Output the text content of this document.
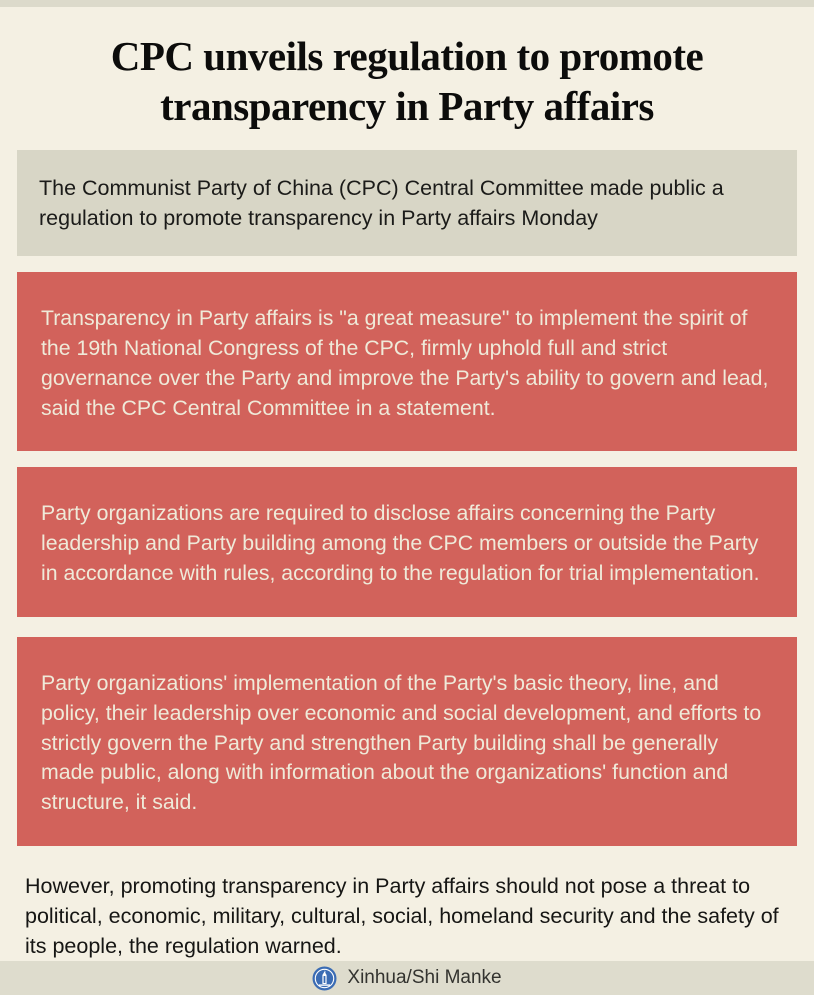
CPC unveils regulation to promote transparency in Party affairs
The Communist Party of China (CPC) Central Committee made public a regulation to promote transparency in Party affairs Monday
Transparency in Party affairs is "a great measure" to implement the spirit of the 19th National Congress of the CPC, firmly uphold full and strict governance over the Party and improve the Party's ability to govern and lead, said the CPC Central Committee in a statement.
Party organizations are required to disclose affairs concerning the Party leadership and Party building among the CPC members or outside the Party in accordance with rules, according to the regulation for trial implementation.
Party organizations' implementation of the Party's basic theory, line, and policy, their leadership over economic and social development, and efforts to strictly govern the Party and strengthen Party building shall be generally made public, along with information about the organizations' function and structure, it said.
However, promoting transparency in Party affairs should not pose a threat to political, economic, military, cultural, social, homeland security and the safety of its people, the regulation warned.
Xinhua/Shi Manke
